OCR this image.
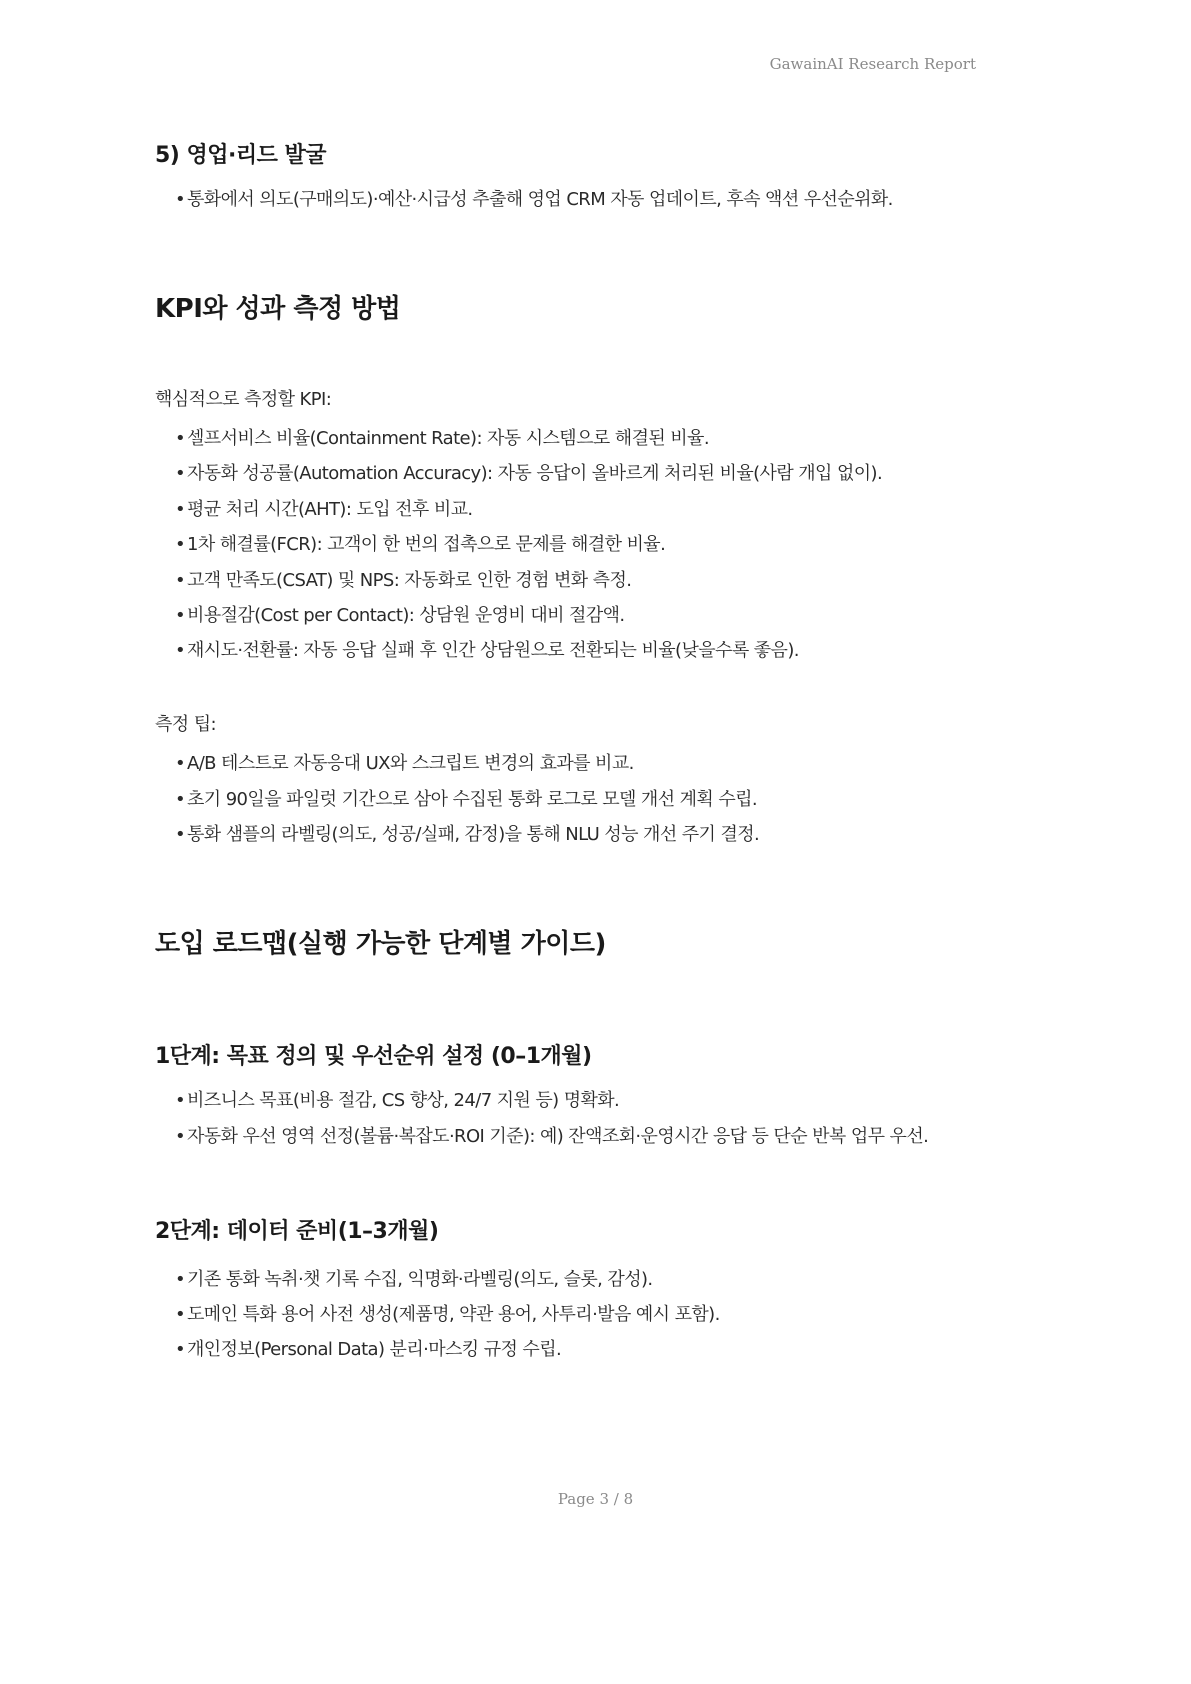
GawainAI Research Report
5) 영업·리드 발굴
• 통화에서 의도(구매의도)·예산·시급성 추출해 영업 CRM 자동 업데이트, 후속 액션 우선순위화.
KPI와 성과 측정 방법
핵심적으로 측정할 KPI:
• 셀프서비스 비율(Containment Rate): 자동 시스템으로 해결된 비율.
• 자동화 성공률(Automation Accuracy): 자동 응답이 올바르게 처리된 비율(사람 개입 없이).
• 평균 처리 시간(AHT): 도입 전후 비교.
• 1차 해결률(FCR): 고객이 한 번의 접촉으로 문제를 해결한 비율.
• 고객 만족도(CSAT) 및 NPS: 자동화로 인한 경험 변화 측정.
• 비용절감(Cost per Contact): 상담원 운영비 대비 절감액.
• 재시도·전환률: 자동 응답 실패 후 인간 상담원으로 전환되는 비율(낮을수록 좋음).
측정 팁:
• A/B 테스트로 자동응대 UX와 스크립트 변경의 효과를 비교.
• 초기 90일을 파일럿 기간으로 삼아 수집된 통화 로그로 모델 개선 계획 수립.
• 통화 샘플의 라벨링(의도, 성공/실패, 감정)을 통해 NLU 성능 개선 주기 결정.
도입 로드맵(실행 가능한 단계별 가이드)
1단계: 목표 정의 및 우선순위 설정 (0–1개월)
• 비즈니스 목표(비용 절감, CS 향상, 24/7 지원 등) 명확화.
• 자동화 우선 영역 선정(볼륨·복잡도·ROI 기준): 예) 잔액조회·운영시간 응답 등 단순 반복 업무 우선.
2단계: 데이터 준비(1–3개월)
• 기존 통화 녹취·챗 기록 수집, 익명화·라벨링(의도, 슬롯, 감성).
• 도메인 특화 용어 사전 생성(제품명, 약관 용어, 사투리·발음 예시 포함).
• 개인정보(Personal Data) 분리·마스킹 규정 수립.
Page 3 / 8
